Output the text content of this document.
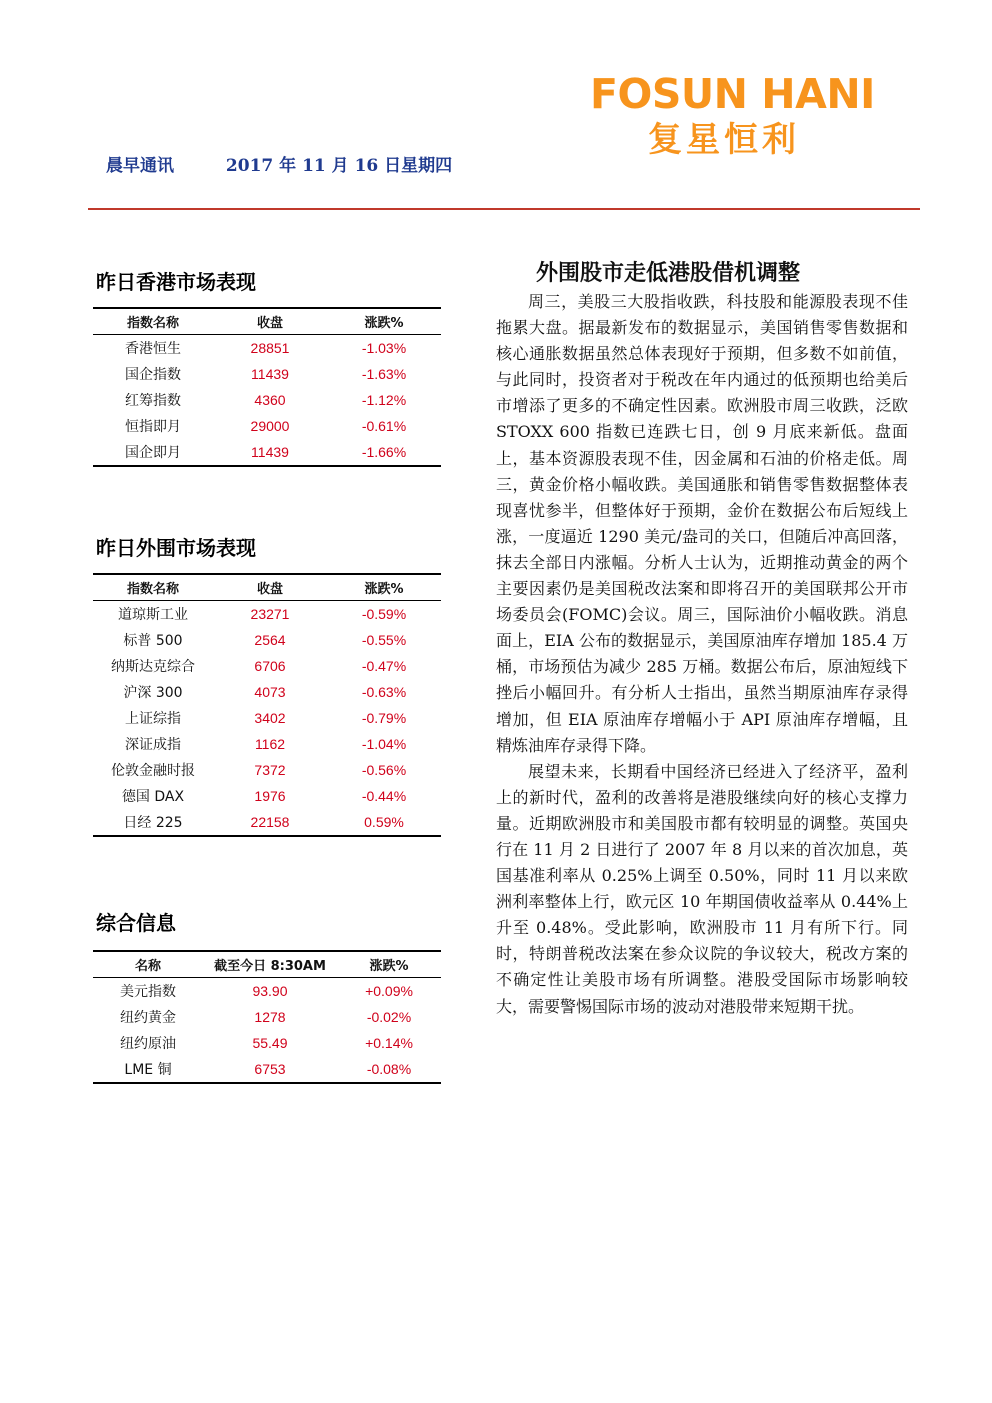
FOSUN HANI
复星恒利
晨早通讯	2017 年 11 月 16 日星期四
昨日香港市场表现
指数名称	收盘	涨跌%
香港恒生	28851	-1.03%
国企指数	11439	-1.63%
红筹指数	4360	-1.12%
恒指即月	29000	-0.61%
国企即月	11439	-1.66%
昨日外围市场表现
指数名称	收盘	涨跌%
道琼斯工业	23271	-0.59%
标普 500	2564	-0.55%
纳斯达克综合	6706	-0.47%
沪深 300	4073	-0.63%
上证综指	3402	-0.79%
深证成指	1162	-1.04%
伦敦金融时报	7372	-0.56%
德国 DAX	1976	-0.44%
日经 225	22158	0.59%
综合信息
名称	截至今日 8:30AM	涨跌%
美元指数	93.90	+0.09%
纽约黄金	1278	-0.02%
纽约原油	55.49	+0.14%
LME 铜	6753	-0.08%
外围股市走低港股借机调整

周三，美股三大股指收跌，科技股和能源股表现不佳拖累大盘。据最新发布的数据显示，美国销售零售数据和核心通胀数据虽然总体表现好于预期，但多数不如前值，与此同时，投资者对于税改在年内通过的低预期也给美后市增添了更多的不确定性因素。欧洲股市周三收跌，泛欧 STOXX 600 指数已连跌七日，创 9 月底来新低。盘面上，基本资源股表现不佳，因金属和石油的价格走低。周三，黄金价格小幅收跌。美国通胀和销售零售数据整体表现喜忧参半，但整体好于预期，金价在数据公布后短线上涨，一度逼近 1290 美元/盎司的关口，但随后冲高回落，抹去全部日内涨幅。分析人士认为，近期推动黄金的两个主要因素仍是美国税改法案和即将召开的美国联邦公开市场委员会(FOMC)会议。周三，国际油价小幅收跌。消息面上，EIA 公布的数据显示，美国原油库存增加 185.4 万桶，市场预估为减少 285 万桶。数据公布后，原油短线下挫后小幅回升。有分析人士指出，虽然当期原油库存录得增加，但 EIA 原油库存增幅小于 API 原油库存增幅，且精炼油库存录得下降。

展望未来，长期看中国经济已经进入了经济平，盈利上的新时代，盈利的改善将是港股继续向好的核心支撑力量。近期欧洲股市和美国股市都有较明显的调整。英国央行在 11 月 2 日进行了 2007 年 8 月以来的首次加息，英国基准利率从 0.25%上调至 0.50%，同时 11 月以来欧洲利率整体上行，欧元区 10 年期国债收益率从 0.44%上升至 0.48%。受此影响，欧洲股市 11 月有所下行。同时，特朗普税改法案在参众议院的争议较大，税改方案的不确定性让美股市场有所调整。港股受国际市场影响较大，需要警惕国际市场的波动对港股带来短期干扰。
